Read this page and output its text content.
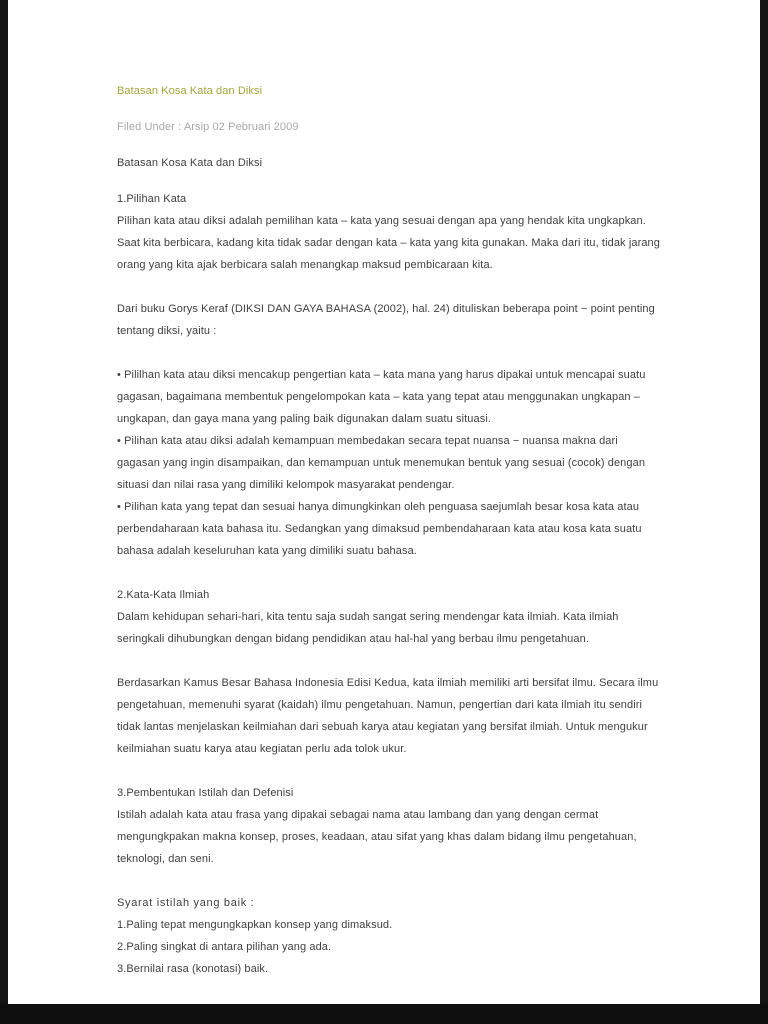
Batasan Kosa Kata dan Diksi

Filed Under : Arsip 02 Pebruari 2009

Batasan Kosa Kata dan Diksi

1.Pilihan Kata

Pilihan kata atau diksi adalah pemilihan kata – kata yang sesuai dengan apa yang hendak kita ungkapkan. Saat kita berbicara, kadang kita tidak sadar dengan kata – kata yang kita gunakan. Maka dari itu, tidak jarang orang yang kita ajak berbicara salah menangkap maksud pembicaraan kita.

Dari buku Gorys Keraf (DIKSI DAN GAYA BAHASA (2002), hal. 24) dituliskan beberapa point − point penting tentang diksi, yaitu :

• Pililhan kata atau diksi mencakup pengertian kata – kata mana yang harus dipakai untuk mencapai suatu gagasan, bagaimana membentuk pengelompokan kata – kata yang tepat atau menggunakan ungkapan – ungkapan, dan gaya mana yang paling baik digunakan dalam suatu situasi.

• Pilihan kata atau diksi adalah kemampuan membedakan secara tepat nuansa − nuansa makna dari gagasan yang ingin disampaikan, dan kemampuan untuk menemukan bentuk yang sesuai (cocok) dengan situasi dan nilai rasa yang dimiliki kelompok masyarakat pendengar.

• Pilihan kata yang tepat dan sesuai hanya dimungkinkan oleh penguasa saejumlah besar kosa kata atau perbendaharaan kata bahasa itu. Sedangkan yang dimaksud pembendaharaan kata atau kosa kata suatu bahasa adalah keseluruhan kata yang dimiliki suatu bahasa.

2.Kata-Kata Ilmiah

Dalam kehidupan sehari-hari, kita tentu saja sudah sangat sering mendengar kata ilmiah. Kata ilmiah seringkali dihubungkan dengan bidang pendidikan atau hal-hal yang berbau ilmu pengetahuan.

Berdasarkan Kamus Besar Bahasa Indonesia Edisi Kedua, kata ilmiah memiliki arti bersifat ilmu. Secara ilmu pengetahuan, memenuhi syarat (kaidah) ilmu pengetahuan. Namun, pengertian dari kata ilmiah itu sendiri tidak lantas menjelaskan keilmiahan dari sebuah karya atau kegiatan yang bersifat ilmiah. Untuk mengukur keilmiahan suatu karya atau kegiatan perlu ada tolok ukur.

3.Pembentukan Istilah dan Defenisi

Istilah adalah kata atau frasa yang dipakai sebagai nama atau lambang dan yang dengan cermat mengungkpakan makna konsep, proses, keadaan, atau sifat yang khas dalam bidang ilmu pengetahuan, teknologi, dan seni.

Syarat istilah yang baik :

1.Paling tepat mengungkapkan konsep yang dimaksud.

2.Paling singkat di antara pilihan yang ada.

3.Bernilai rasa (konotasi) baik.
